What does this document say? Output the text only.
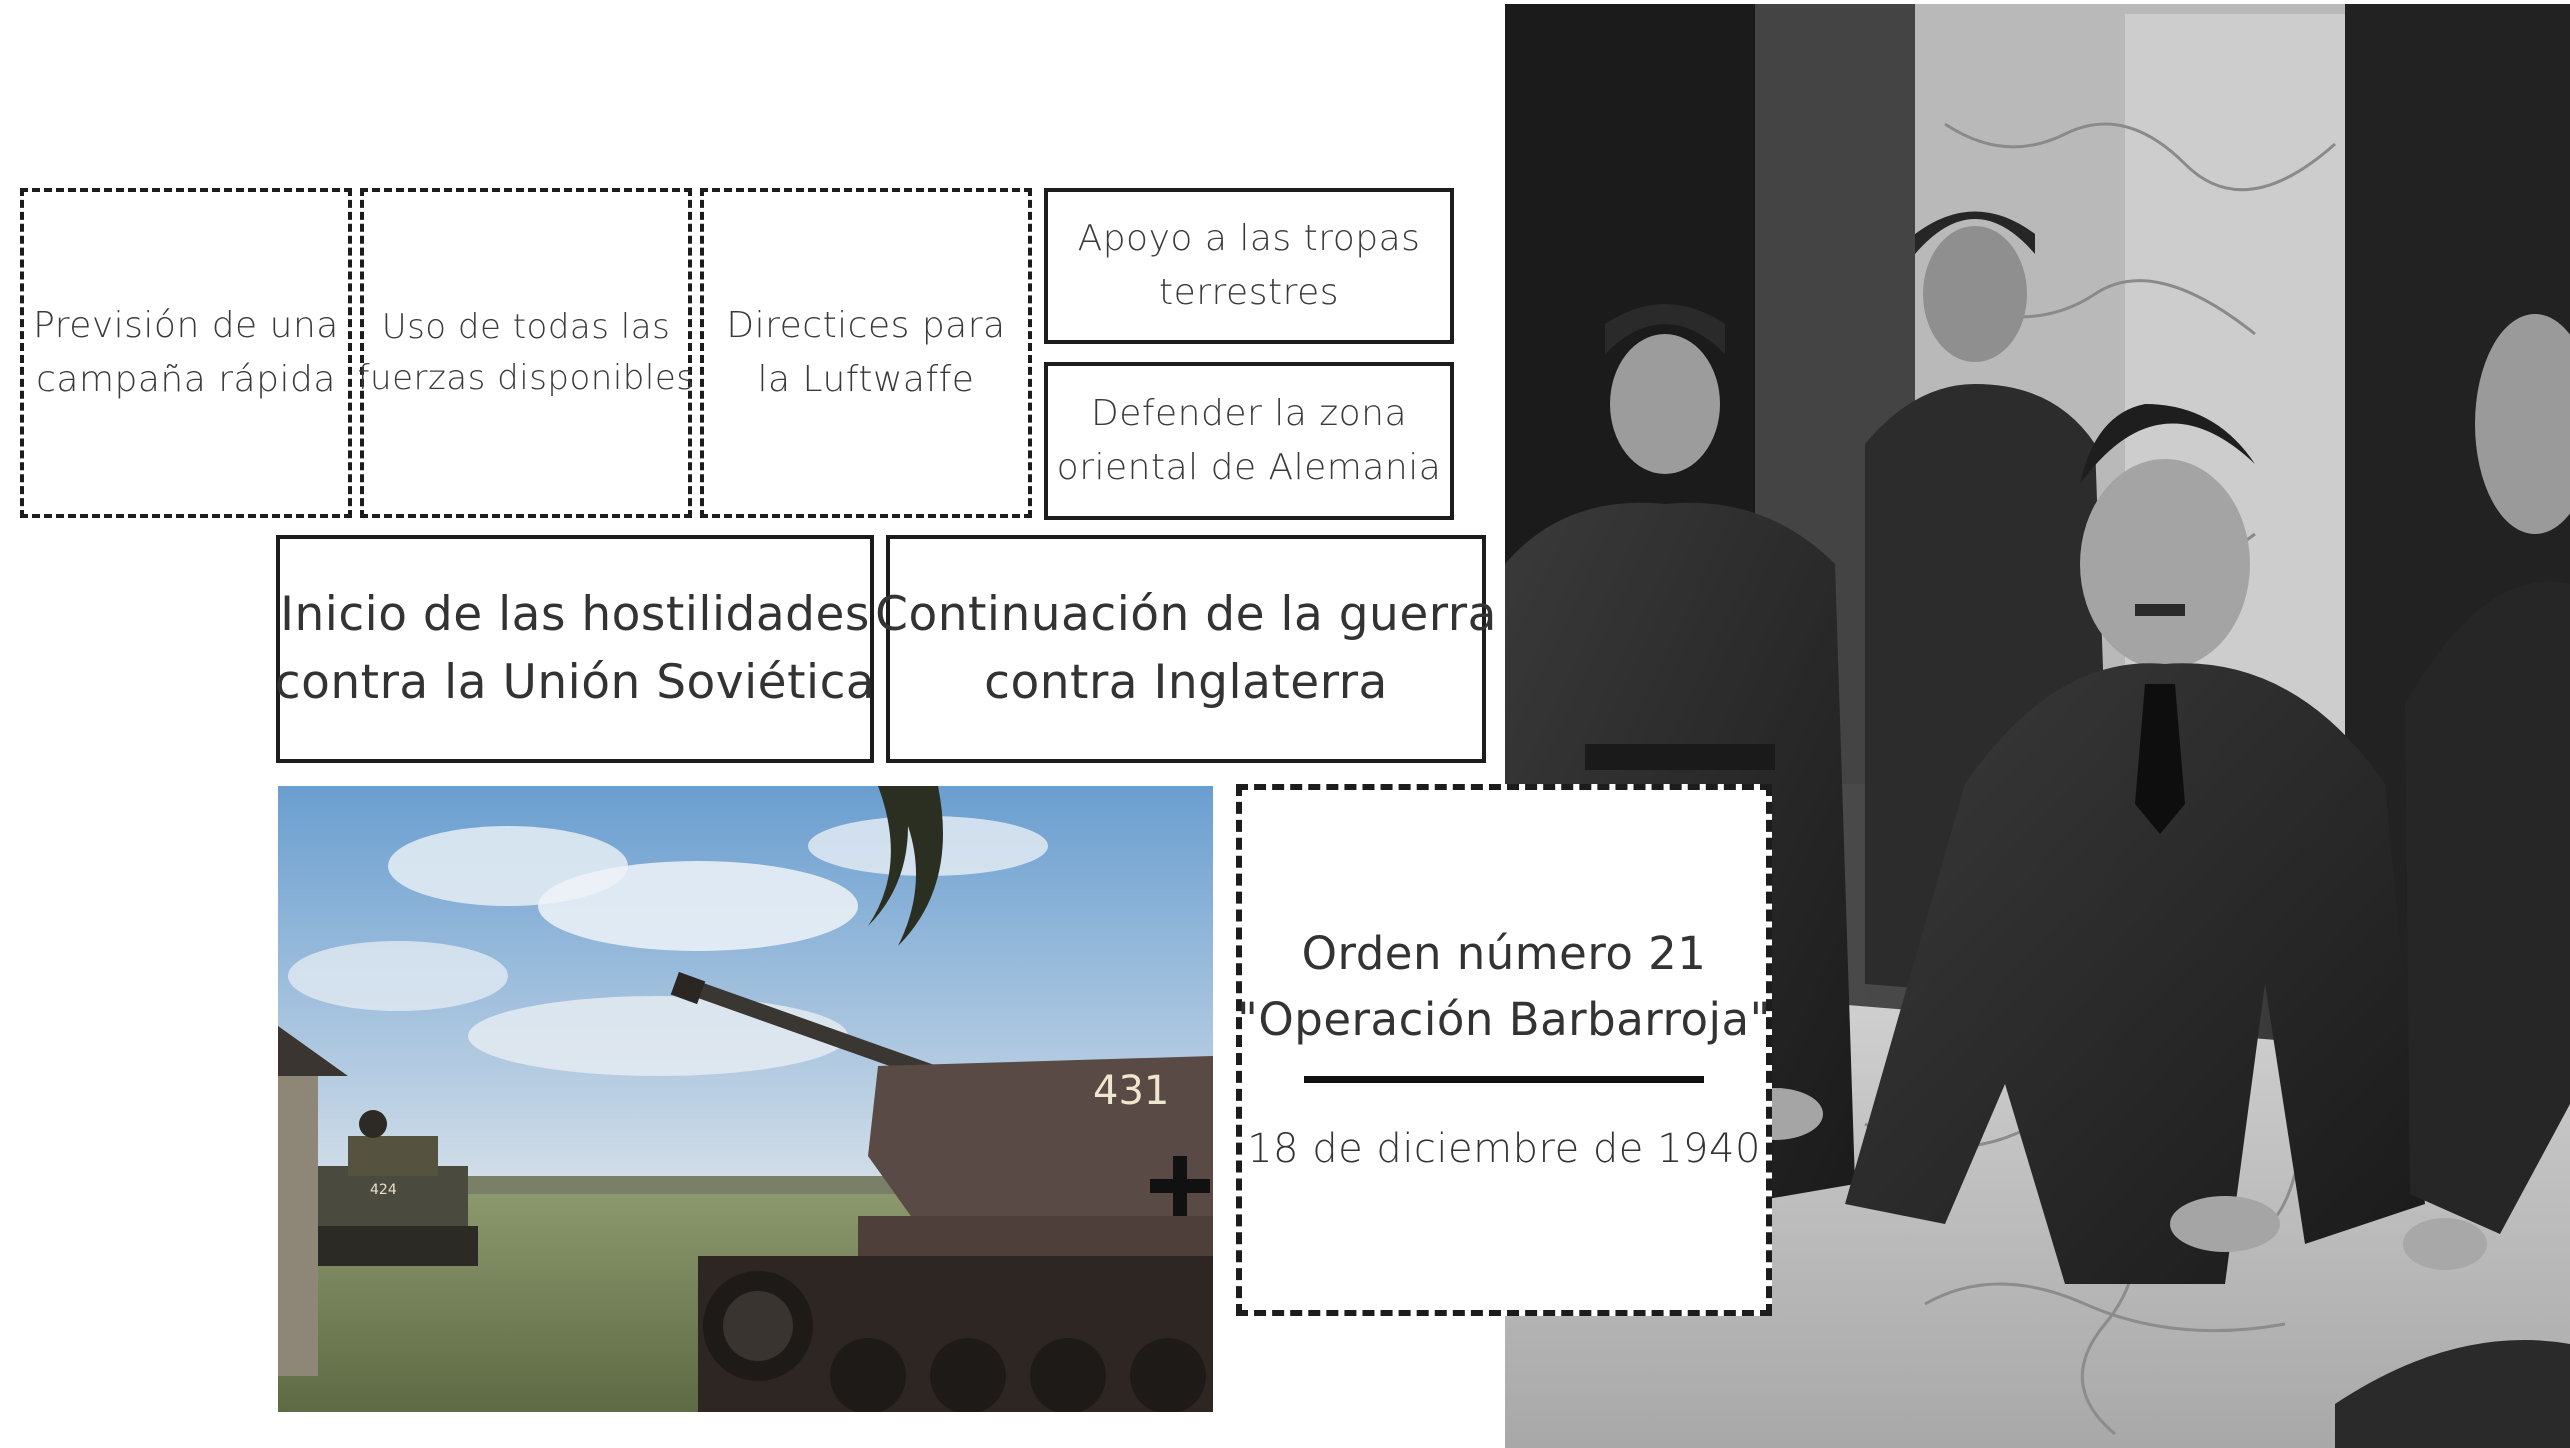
424
431
Previsión de una
campaña rápida
Uso de todas las
fuerzas disponibles
Directices para
la Luftwaffe
Apoyo a las tropas
terrestres
Defender la zona
oriental de Alemania
Inicio de las hostilidades
contra la Unión Soviética
Continuación de la guerra
contra Inglaterra
Orden número 21
"Operación Barbarroja"
18 de diciembre de 1940
